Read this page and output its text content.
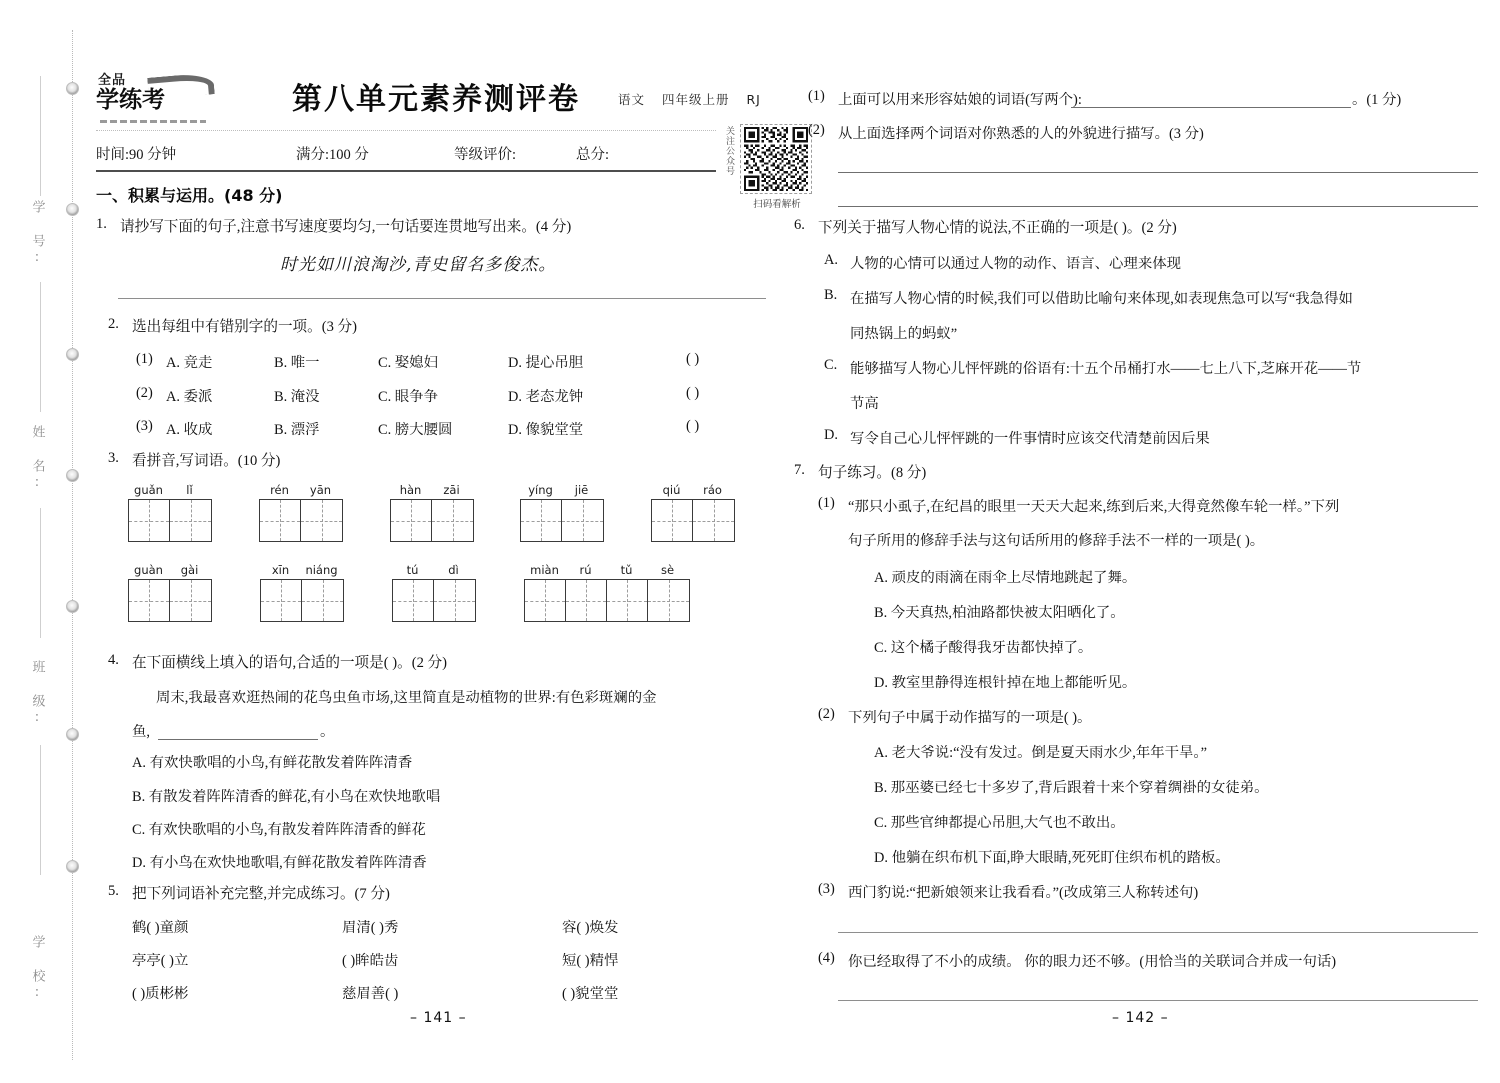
学 号:
姓 名:
班 级:
学 校:
全品
学练考	第八单元素养测评卷	语文 四年级上册 RJ
关注公众号
扫码看解析
时间:90 分钟	满分:100 分	等级评价:	总分:
一、积累与运用。(48 分)
1. 请抄写下面的句子,注意书写速度要均匀,一句话要连贯地写出来。(4 分)
时光如川浪淘沙,青史留名多俊杰。
2. 选出每组中有错别字的一项。(3 分)
(1) A. 竞走	B. 唯一	C. 娶媳妇	D. 提心吊胆	( )
(2) A. 委派	B. 淹没	C. 眼争争	D. 老态龙钟	( )
(3) A. 收成	B. 漂浮	C. 膀大腰圆	D. 像貌堂堂	( )
3. 看拼音,写词语。(10 分)
guǎn	lǐ	rén	yān	hàn	zāi	yíng	jiē	qiú	ráo
guàn	gài	xīn	niáng	tú	dì	miàn	rú	tǔ	sè
4. 在下面横线上填入的语句,合适的一项是( )。(2 分)
周末,我最喜欢逛热闹的花鸟虫鱼市场,这里简直是动植物的世界:有色彩斑斓的金
鱼,	。
A. 有欢快歌唱的小鸟,有鲜花散发着阵阵清香
B. 有散发着阵阵清香的鲜花,有小鸟在欢快地歌唱
C. 有欢快歌唱的小鸟,有散发着阵阵清香的鲜花
D. 有小鸟在欢快地歌唱,有鲜花散发着阵阵清香
5. 把下列词语补充完整,并完成练习。(7 分)
鹤( )童颜	眉清( )秀	容( )焕发
亭亭( )立	( )眸皓齿	短( )精悍
( )质彬彬	慈眉善( )	( )貌堂堂
– 141 –
(1) 上面可以用来形容姑娘的词语(写两个):	。(1 分)
(2) 从上面选择两个词语对你熟悉的人的外貌进行描写。(3 分)
6. 下列关于描写人物心情的说法,不正确的一项是( )。(2 分)
A. 人物的心情可以通过人物的动作、语言、心理来体现
B. 在描写人物心情的时候,我们可以借助比喻句来体现,如表现焦急可以写“我急得如
同热锅上的蚂蚁”
C. 能够描写人物心儿怦怦跳的俗语有:十五个吊桶打水——七上八下,芝麻开花——节
节高
D. 写令自己心儿怦怦跳的一件事情时应该交代清楚前因后果
7. 句子练习。(8 分)
(1) “那只小虱子,在纪昌的眼里一天天大起来,练到后来,大得竟然像车轮一样。”下列
句子所用的修辞手法与这句话所用的修辞手法不一样的一项是( )。
A. 顽皮的雨滴在雨伞上尽情地跳起了舞。
B. 今天真热,柏油路都快被太阳晒化了。
C. 这个橘子酸得我牙齿都快掉了。
D. 教室里静得连根针掉在地上都能听见。
(2) 下列句子中属于动作描写的一项是( )。
A. 老大爷说:“没有发过。倒是夏天雨水少,年年干旱。”
B. 那巫婆已经七十多岁了,背后跟着十来个穿着绸褂的女徒弟。
C. 那些官绅都提心吊胆,大气也不敢出。
D. 他躺在织布机下面,睁大眼睛,死死盯住织布机的踏板。
(3) 西门豹说:“把新娘领来让我看看。”(改成第三人称转述句)
(4) 你已经取得了不小的成绩。 你的眼力还不够。(用恰当的关联词合并成一句话)
– 142 –
